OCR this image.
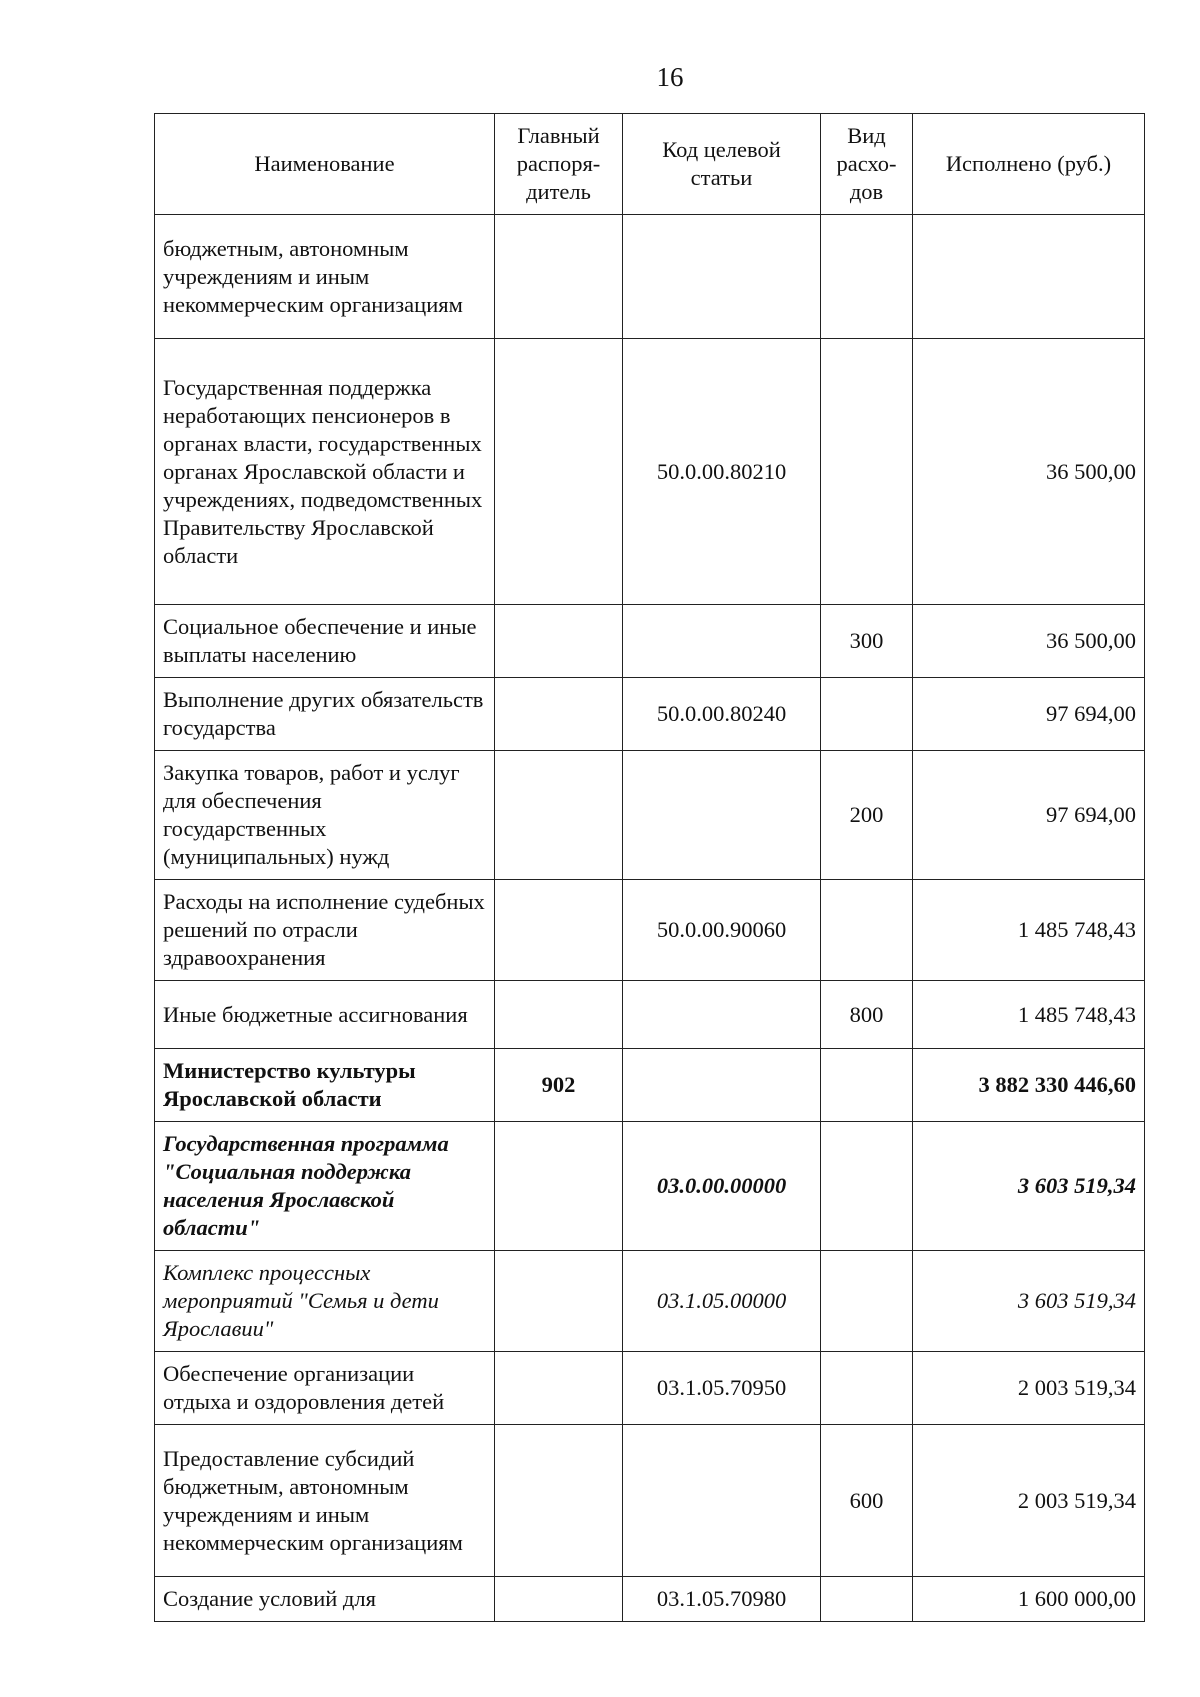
16
Наименование	Главный распоря-дитель	Код целевой статьи	Вид расхо-дов	Исполнено (руб.)
бюджетным, автономным учреждениям и иным некоммерческим организациям				
Государственная поддержка неработающих пенсионеров в органах власти, государственных органах Ярославской области и учреждениях, подведомственных Правительству Ярославской области		50.0.00.80210		36 500,00
Социальное обеспечение и иные выплаты населению			300	36 500,00
Выполнение других обязательств государства		50.0.00.80240		97 694,00
Закупка товаров, работ и услуг для обеспечения государственных (муниципальных) нужд			200	97 694,00
Расходы на исполнение судебных решений по отрасли здравоохранения		50.0.00.90060		1 485 748,43
Иные бюджетные ассигнования			800	1 485 748,43
Министерство культуры Ярославской области	902			3 882 330 446,60
Государственная программа "Социальная поддержка населения Ярославской области"		03.0.00.00000		3 603 519,34
Комплекс процессных мероприятий "Семья и дети Ярославии"		03.1.05.00000		3 603 519,34
Обеспечение организации отдыха и оздоровления детей		03.1.05.70950		2 003 519,34
Предоставление субсидий бюджетным, автономным учреждениям и иным некоммерческим организациям			600	2 003 519,34
Создание условий для		03.1.05.70980		1 600 000,00
